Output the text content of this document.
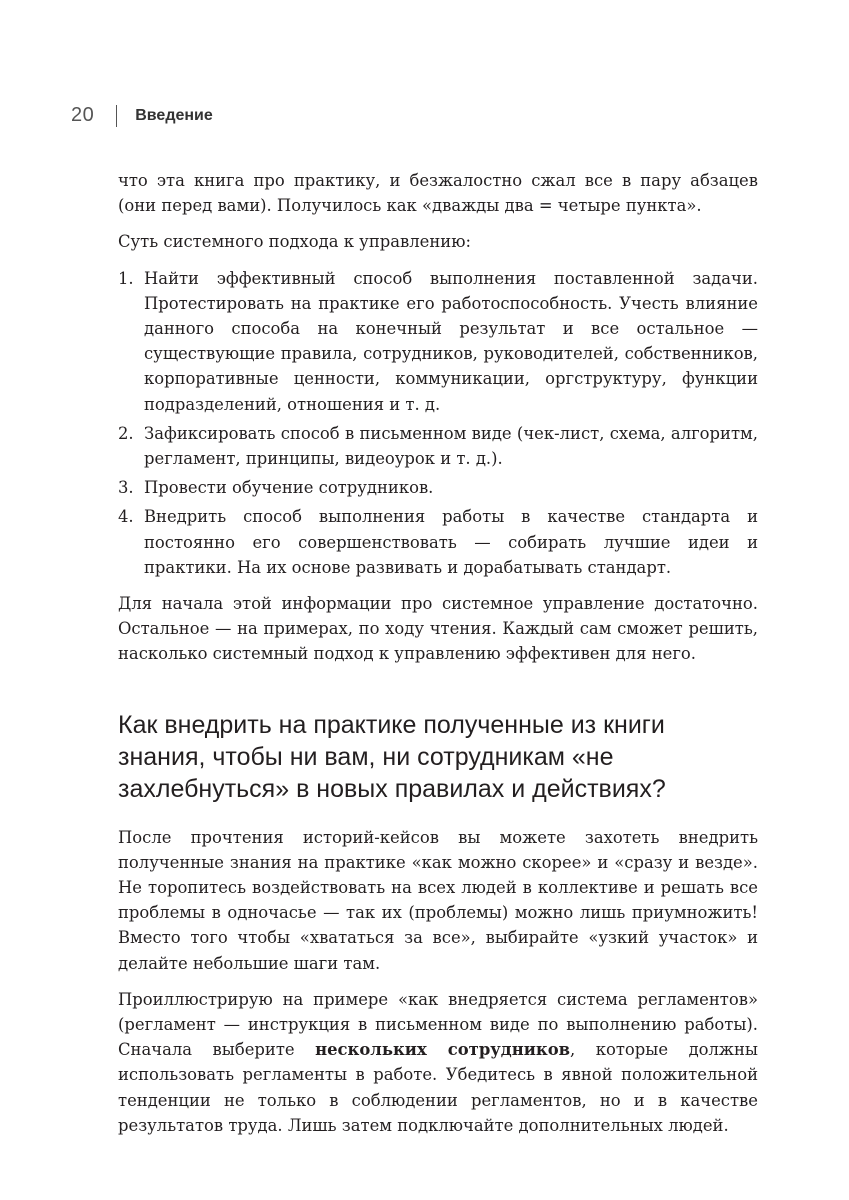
20	Введение

что эта книга про практику, и безжалостно сжал все в пару абзацев (они перед вами). Получилось как «дважды два = четыре пункта».

Суть системного подхода к управлению:

1. Найти эффективный способ выполнения поставленной задачи. Протестировать на практике его работоспособность. Учесть влияние данного способа на конечный результат и все остальное — существующие правила, сотрудников, руководителей, собственников, корпоративные ценности, коммуникации, оргструктуру, функции подразделений, отношения и т. д.
2. Зафиксировать способ в письменном виде (чек-лист, схема, алгоритм, регламент, принципы, видеоурок и т. д.).
3. Провести обучение сотрудников.
4. Внедрить способ выполнения работы в качестве стандарта и постоянно его совершенствовать — собирать лучшие идеи и практики. На их основе развивать и дорабатывать стандарт.

Для начала этой информации про системное управление достаточно. Остальное — на примерах, по ходу чтения. Каждый сам сможет решить, насколько системный подход к управлению эффективен для него.

Как внедрить на практике полученные из книги знания, чтобы ни вам, ни сотрудникам «не захлебнуться» в новых правилах и действиях?

После прочтения историй-кейсов вы можете захотеть внедрить полученные знания на практике «как можно скорее» и «сразу и везде». Не торопитесь воздействовать на всех людей в коллективе и решать все проблемы в одночасье — так их (проблемы) можно лишь приумножить! Вместо того чтобы «хвататься за все», выбирайте «узкий участок» и делайте небольшие шаги там.

Проиллюстрирую на примере «как внедряется система регламентов» (регламент — инструкция в письменном виде по выполнению работы). Сначала выберите нескольких сотрудников, которые должны использовать регламенты в работе. Убедитесь в явной положительной тенденции не только в соблюдении регламентов, но и в качестве результатов труда. Лишь затем подключайте дополнительных людей.
